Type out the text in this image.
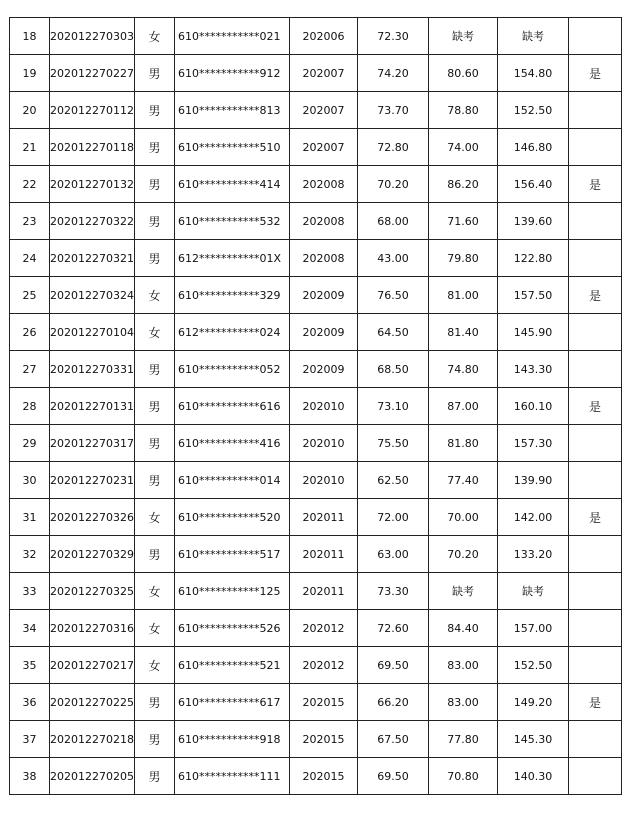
18	202012270303	女	610***********021	202006	72.30	缺考	缺考	
19	202012270227	男	610***********912	202007	74.20	80.60	154.80	是
20	202012270112	男	610***********813	202007	73.70	78.80	152.50	
21	202012270118	男	610***********510	202007	72.80	74.00	146.80	
22	202012270132	男	610***********414	202008	70.20	86.20	156.40	是
23	202012270322	男	610***********532	202008	68.00	71.60	139.60	
24	202012270321	男	612***********01X	202008	43.00	79.80	122.80	
25	202012270324	女	610***********329	202009	76.50	81.00	157.50	是
26	202012270104	女	612***********024	202009	64.50	81.40	145.90	
27	202012270331	男	610***********052	202009	68.50	74.80	143.30	
28	202012270131	男	610***********616	202010	73.10	87.00	160.10	是
29	202012270317	男	610***********416	202010	75.50	81.80	157.30	
30	202012270231	男	610***********014	202010	62.50	77.40	139.90	
31	202012270326	女	610***********520	202011	72.00	70.00	142.00	是
32	202012270329	男	610***********517	202011	63.00	70.20	133.20	
33	202012270325	女	610***********125	202011	73.30	缺考	缺考	
34	202012270316	女	610***********526	202012	72.60	84.40	157.00	
35	202012270217	女	610***********521	202012	69.50	83.00	152.50	
36	202012270225	男	610***********617	202015	66.20	83.00	149.20	是
37	202012270218	男	610***********918	202015	67.50	77.80	145.30	
38	202012270205	男	610***********111	202015	69.50	70.80	140.30	
